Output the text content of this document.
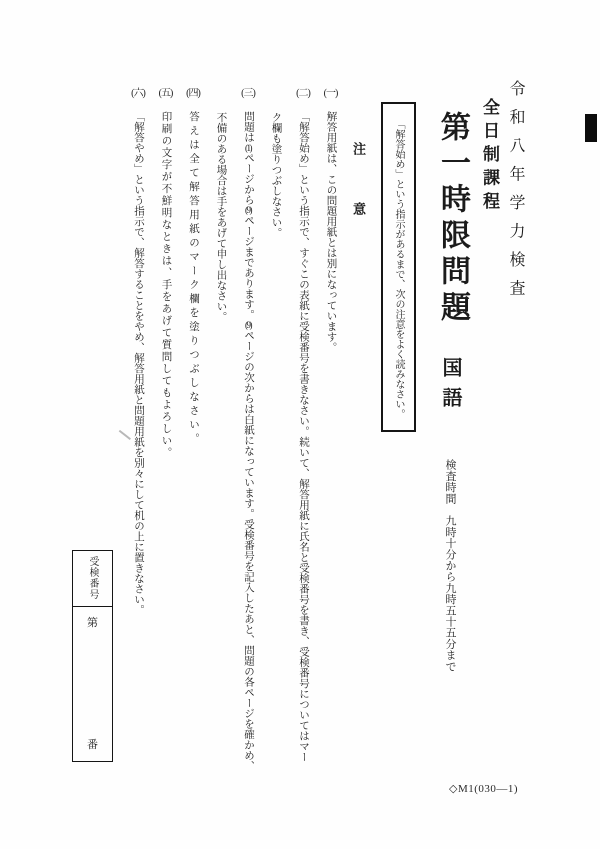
令和八年学力検査
全日制課程
第一時限問題
国語
検査時間　九時十分から九時五十五分まで
「解答始め」という指示があるまで、次の注意をよく読みなさい。
注意
(一)解答用紙は、この問題用紙とは別になっています。
(二)「解答始め」という指示で、すぐこの表紙に受検番号を書きなさい。続いて、解答用紙に氏名と受検番号を書き、受検番号についてはマー
ク欄も塗りつぶしなさい。
(三)問題は(1)ページから(9)ページまであります。(9)ページの次からは白紙になっています。受検番号を記入したあと、問題の各ページを確かめ、
不備のある場合は手をあげて申し出なさい。
(四)答えは全て解答用紙のマーク欄を塗りつぶしなさい。
(五)印刷の文字が不鮮明なときは、手をあげて質問してもよろしい。
(六)「解答やめ」という指示で、解答することをやめ、解答用紙と問題用紙を別々にして机の上に置きなさい。
受検番号
第
番
◇M1(030―1)
